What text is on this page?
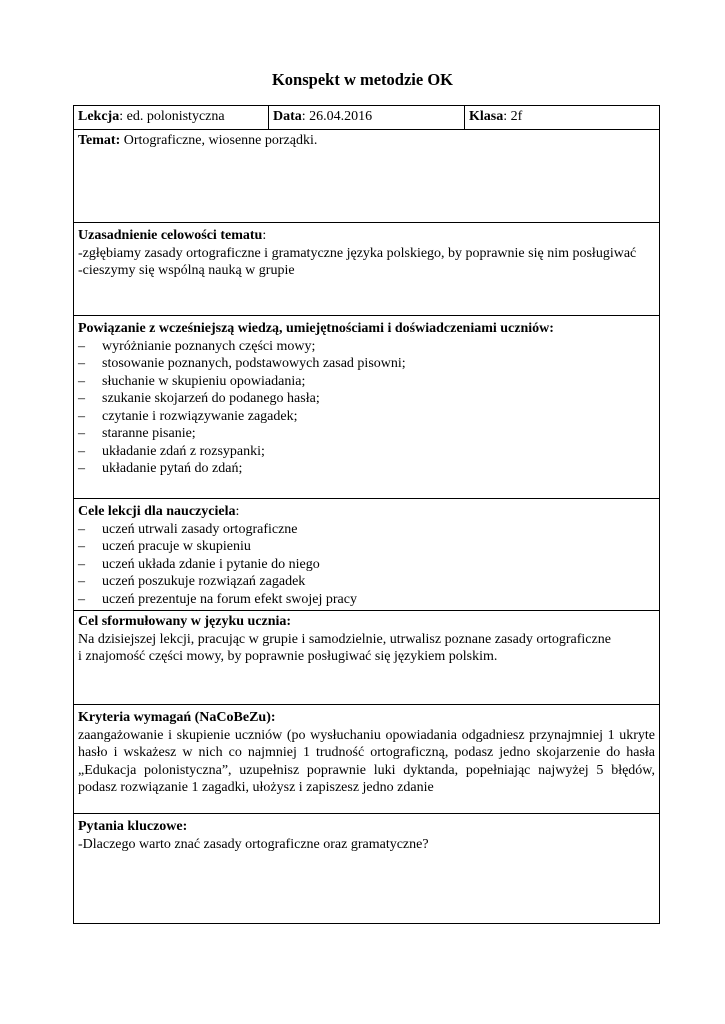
Konspekt w metodzie OK
Lekcja: ed. polonistyczna	Data: 26.04.2016	Klasa: 2f
Temat: Ortograficzne, wiosenne porządki.

Uzasadnienie celowości tematu:
-zgłębiamy zasady ortograficzne i gramatyczne języka polskiego, by poprawnie się nim posługiwać
-cieszymy się wspólną nauką w grupie

Powiązanie z wcześniejszą wiedzą, umiejętnościami i doświadczeniami uczniów:
– wyróżnianie poznanych części mowy;
– stosowanie poznanych, podstawowych zasad pisowni;
– słuchanie w skupieniu opowiadania;
– szukanie skojarzeń do podanego hasła;
– czytanie i rozwiązywanie zagadek;
– staranne pisanie;
– układanie zdań z rozsypanki;
– układanie pytań do zdań;

Cele lekcji dla nauczyciela:
– uczeń utrwali zasady ortograficzne
– uczeń pracuje w skupieniu
– uczeń układa zdanie i pytanie do niego
– uczeń poszukuje rozwiązań zagadek
– uczeń prezentuje na forum efekt swojej pracy

Cel sformułowany w języku ucznia:
Na dzisiejszej lekcji, pracując w grupie i samodzielnie, utrwalisz poznane zasady ortograficzne
i znajomość części mowy, by poprawnie posługiwać się językiem polskim.

Kryteria wymagań (NaCoBeZu):
zaangażowanie i skupienie uczniów (po wysłuchaniu opowiadania odgadniesz przynajmniej 1 ukryte hasło i wskażesz w nich co najmniej 1 trudność ortograficzną, podasz jedno skojarzenie do hasła „Edukacja polonistyczna”, uzupełnisz poprawnie luki dyktanda, popełniając najwyżej 5 błędów, podasz rozwiązanie 1 zagadki, ułożysz i zapiszesz jedno zdanie

Pytania kluczowe:
-Dlaczego warto znać zasady ortograficzne oraz gramatyczne?
